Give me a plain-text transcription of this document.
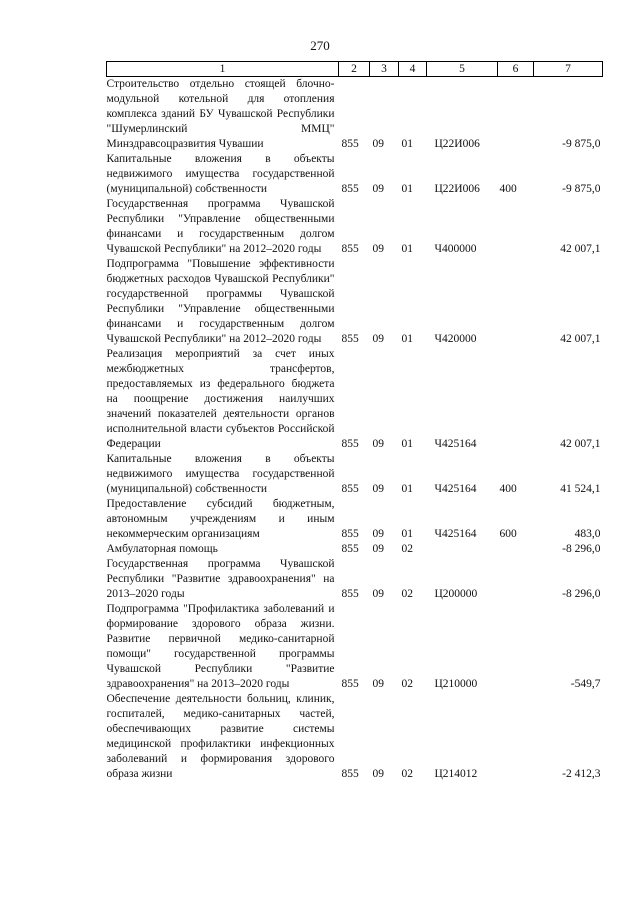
270
1	2	3	4	5	6	7
Строительство отдельно стоящей блочно-модульной котельной для отопления комплекса зданий БУ Чувашской Республики "Шумерлинский ММЦ" Минздравсоцразвития Чувашии	855	09	01	Ц22И006		-9 875,0
Капитальные вложения в объекты недвижимого имущества государственной (муниципальной) собственности	855	09	01	Ц22И006	400	-9 875,0
Государственная программа Чувашской Республики "Управление общественными финансами и государственным долгом Чувашской Республики" на 2012–2020 годы	855	09	01	Ч400000		42 007,1
Подпрограмма "Повышение эффективности бюджетных расходов Чувашской Республики" государственной программы Чувашской Республики "Управление общественными финансами и государственным долгом Чувашской Республики" на 2012–2020 годы	855	09	01	Ч420000		42 007,1
Реализация мероприятий за счет иных межбюджетных трансфертов, предоставляемых из федерального бюджета на поощрение достижения наилучших значений показателей деятельности органов исполнительной власти субъектов Российской Федерации	855	09	01	Ч425164		42 007,1
Капитальные вложения в объекты недвижимого имущества государственной (муниципальной) собственности	855	09	01	Ч425164	400	41 524,1
Предоставление субсидий бюджетным, автономным учреждениям и иным некоммерческим организациям	855	09	01	Ч425164	600	483,0
Амбулаторная помощь	855	09	02			-8 296,0
Государственная программа Чувашской Республики "Развитие здравоохранения" на 2013–2020 годы	855	09	02	Ц200000		-8 296,0
Подпрограмма "Профилактика заболеваний и формирование здорового образа жизни. Развитие первичной медико-санитарной помощи" государственной программы Чувашской Республики "Развитие здравоохранения" на 2013–2020 годы	855	09	02	Ц210000		-549,7
Обеспечение деятельности больниц, клиник, госпиталей, медико-санитарных частей, обеспечивающих развитие системы медицинской профилактики инфекционных заболеваний и формирования здорового образа жизни	855	09	02	Ц214012		-2 412,3
